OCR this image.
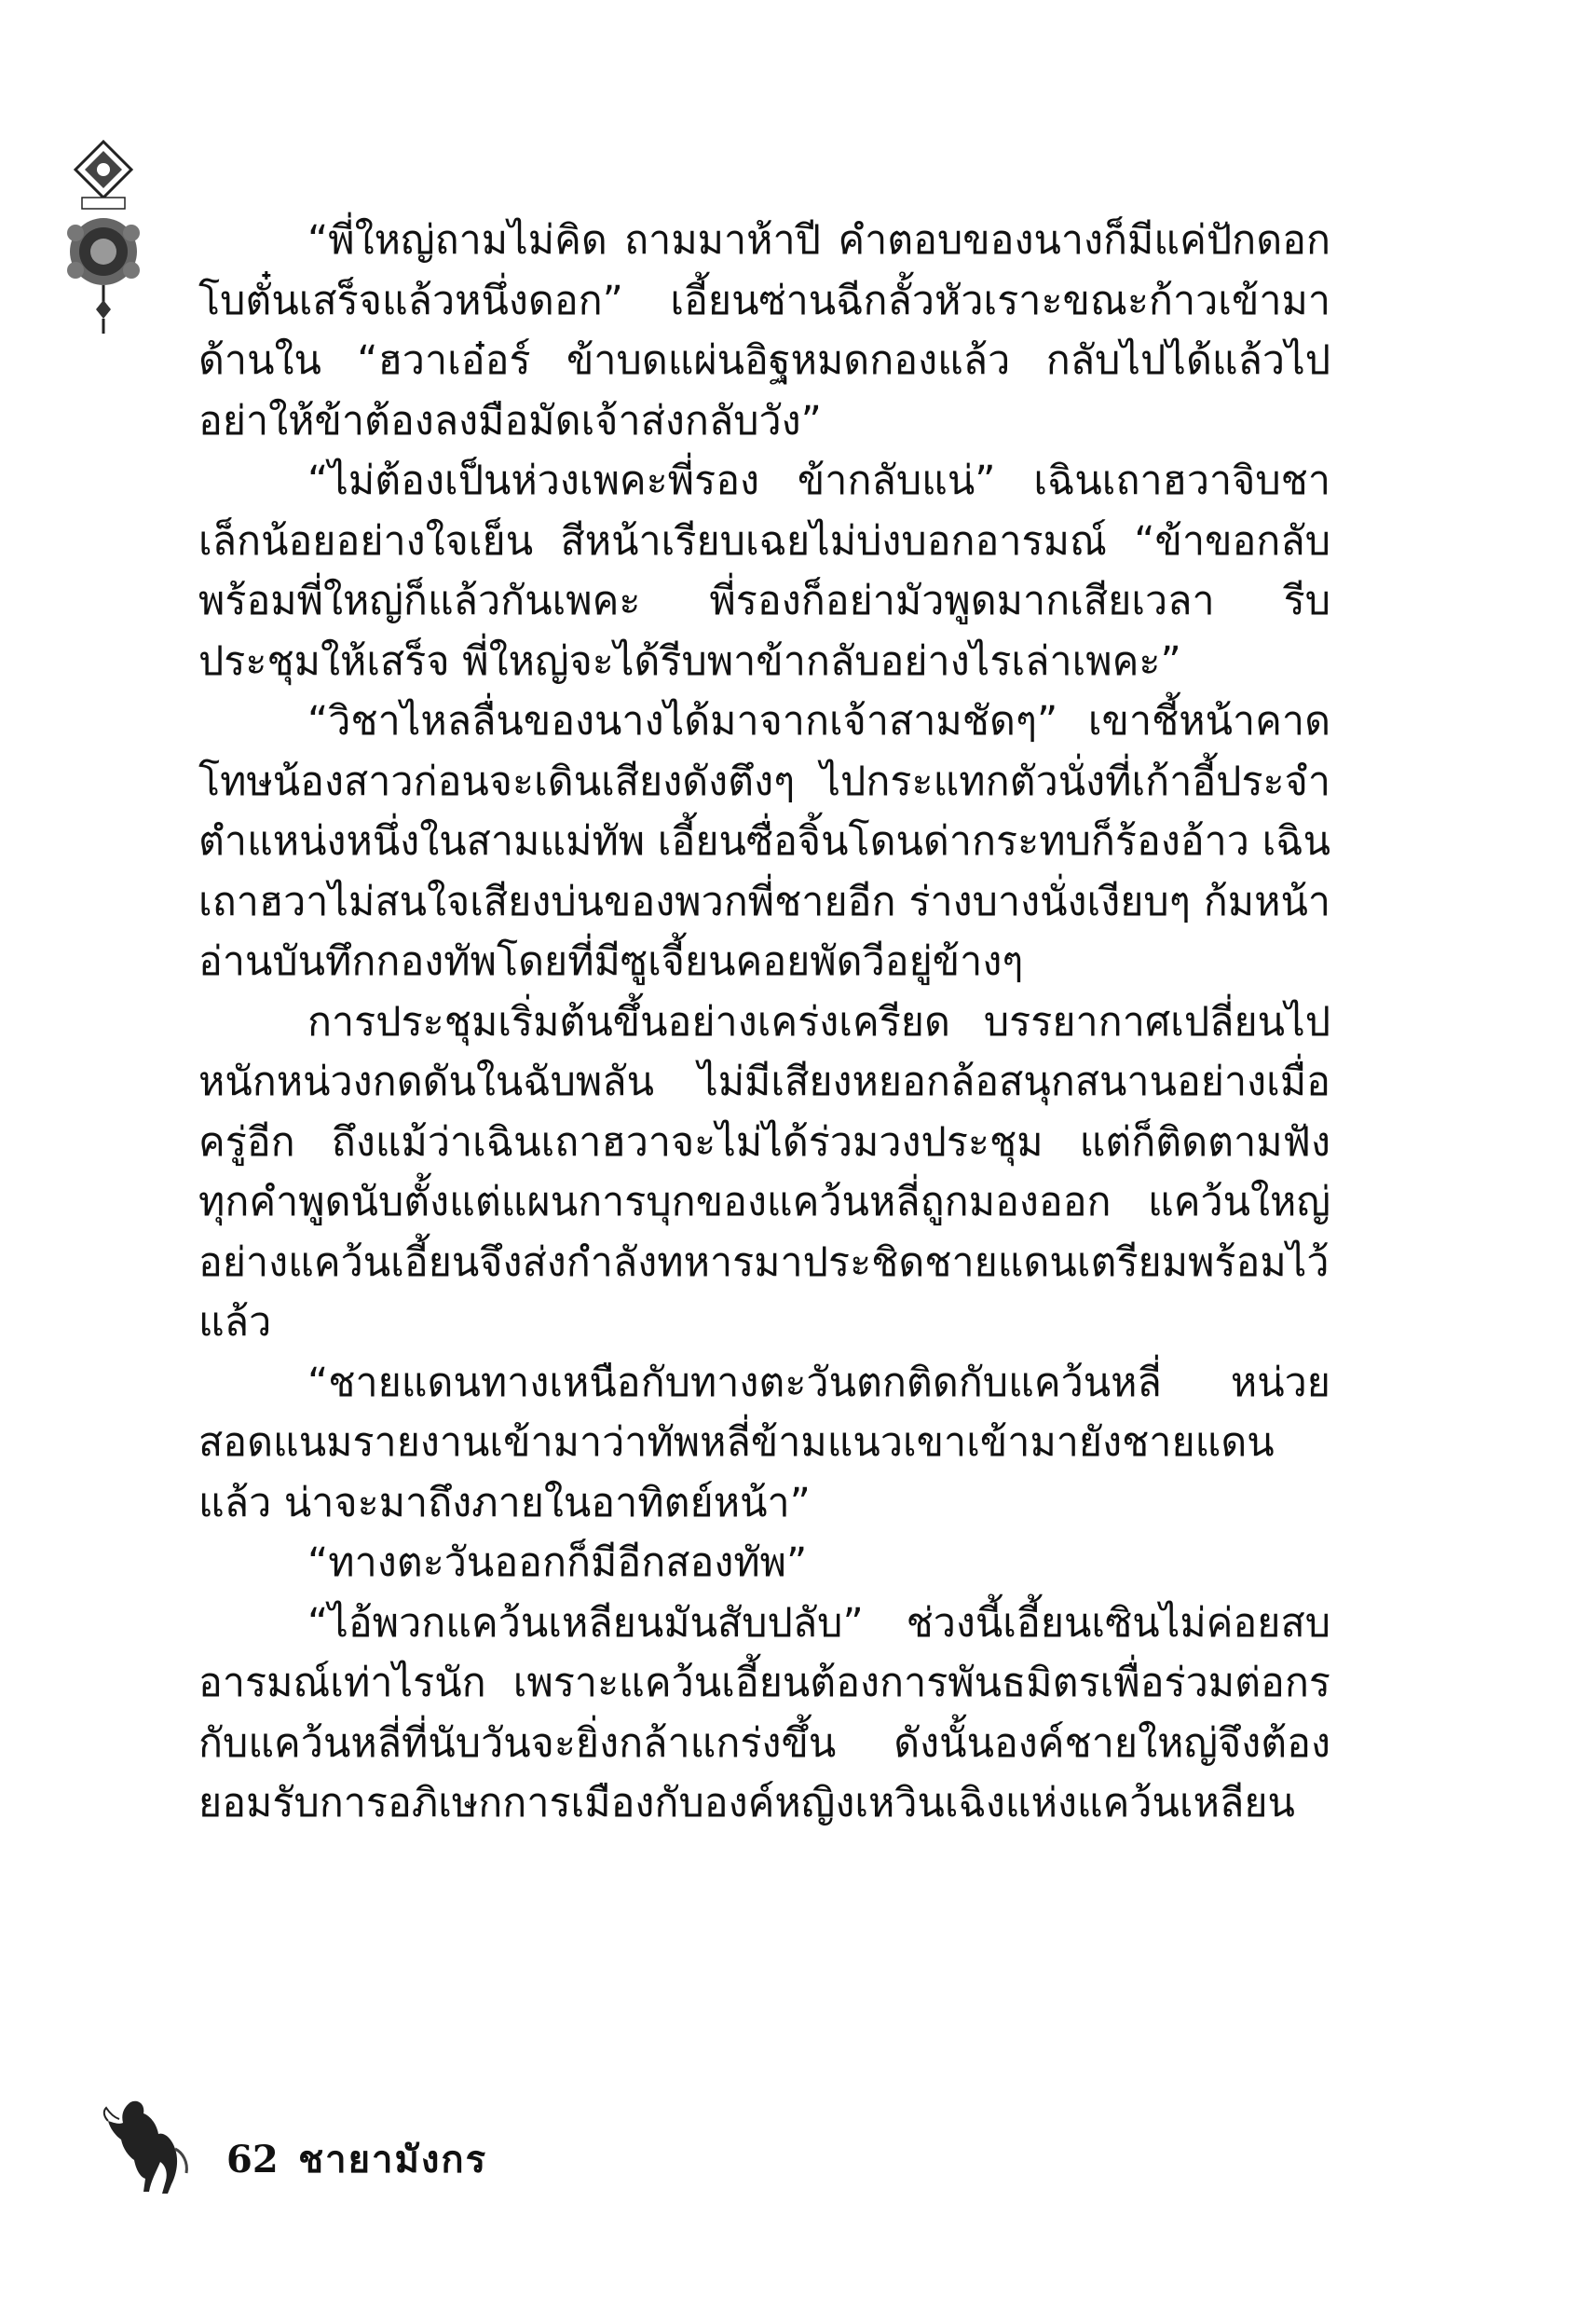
“พี่ใหญ่ถามไม่คิด ถามมาห้าปี คำตอบของนางก็มีแค่ปักดอกโบตั๋นเสร็จแล้วหนึ่งดอก” เอี้ยนซ่านฉีกลั้วหัวเราะขณะก้าวเข้ามาด้านใน “ฮวาเอ๋อร์ ข้าบดแผ่นอิฐหมดกองแล้ว กลับไปได้แล้วไป อย่าให้ข้าต้องลงมือมัดเจ้าส่งกลับวัง”

“ไม่ต้องเป็นห่วงเพคะพี่รอง ข้ากลับแน่” เฉินเถาฮวาจิบชาเล็กน้อยอย่างใจเย็น สีหน้าเรียบเฉยไม่บ่งบอกอารมณ์ “ข้าขอกลับพร้อมพี่ใหญ่ก็แล้วกันเพคะ พี่รองก็อย่ามัวพูดมากเสียเวลา รีบประชุมให้เสร็จ พี่ใหญ่จะได้รีบพาข้ากลับอย่างไรเล่าเพคะ”

“วิชาไหลลื่นของนางได้มาจากเจ้าสามชัดๆ” เขาชี้หน้าคาดโทษน้องสาวก่อนจะเดินเสียงดังตึงๆ ไปกระแทกตัวนั่งที่เก้าอี้ประจำตำแหน่งหนึ่งในสามแม่ทัพ เอี้ยนซื่อจิ้นโดนด่ากระทบก็ร้องอ้าว เฉินเถาฮวาไม่สนใจเสียงบ่นของพวกพี่ชายอีก ร่างบางนั่งเงียบๆ ก้มหน้าอ่านบันทึกกองทัพโดยที่มีซูเจี้ยนคอยพัดวีอยู่ข้างๆ

การประชุมเริ่มต้นขึ้นอย่างเคร่งเครียด บรรยากาศเปลี่ยนไปหนักหน่วงกดดันในฉับพลัน ไม่มีเสียงหยอกล้อสนุกสนานอย่างเมื่อครู่อีก ถึงแม้ว่าเฉินเถาฮวาจะไม่ได้ร่วมวงประชุม แต่ก็ติดตามฟังทุกคำพูดนับตั้งแต่แผนการบุกของแคว้นหลี่ถูกมองออก แคว้นใหญ่อย่างแคว้นเอี้ยนจึงส่งกำลังทหารมาประชิดชายแดนเตรียมพร้อมไว้แล้ว

“ชายแดนทางเหนือกับทางตะวันตกติดกับแคว้นหลี่ หน่วยสอดแนมรายงานเข้ามาว่าทัพหลี่ข้ามแนวเขาเข้ามายังชายแดนแล้ว น่าจะมาถึงภายในอาทิตย์หน้า”

“ทางตะวันออกก็มีอีกสองทัพ”

“ไอ้พวกแคว้นเหลียนมันสับปลับ” ช่วงนี้เอี้ยนเซินไม่ค่อยสบอารมณ์เท่าไรนัก เพราะแคว้นเอี้ยนต้องการพันธมิตรเพื่อร่วมต่อกรกับแคว้นหลี่ที่นับวันจะยิ่งกล้าแกร่งขึ้น ดังนั้นองค์ชายใหญ่จึงต้องยอมรับการอภิเษกการเมืองกับองค์หญิงเหวินเฉิงแห่งแคว้นเหลียน

62 ชายามังกร
